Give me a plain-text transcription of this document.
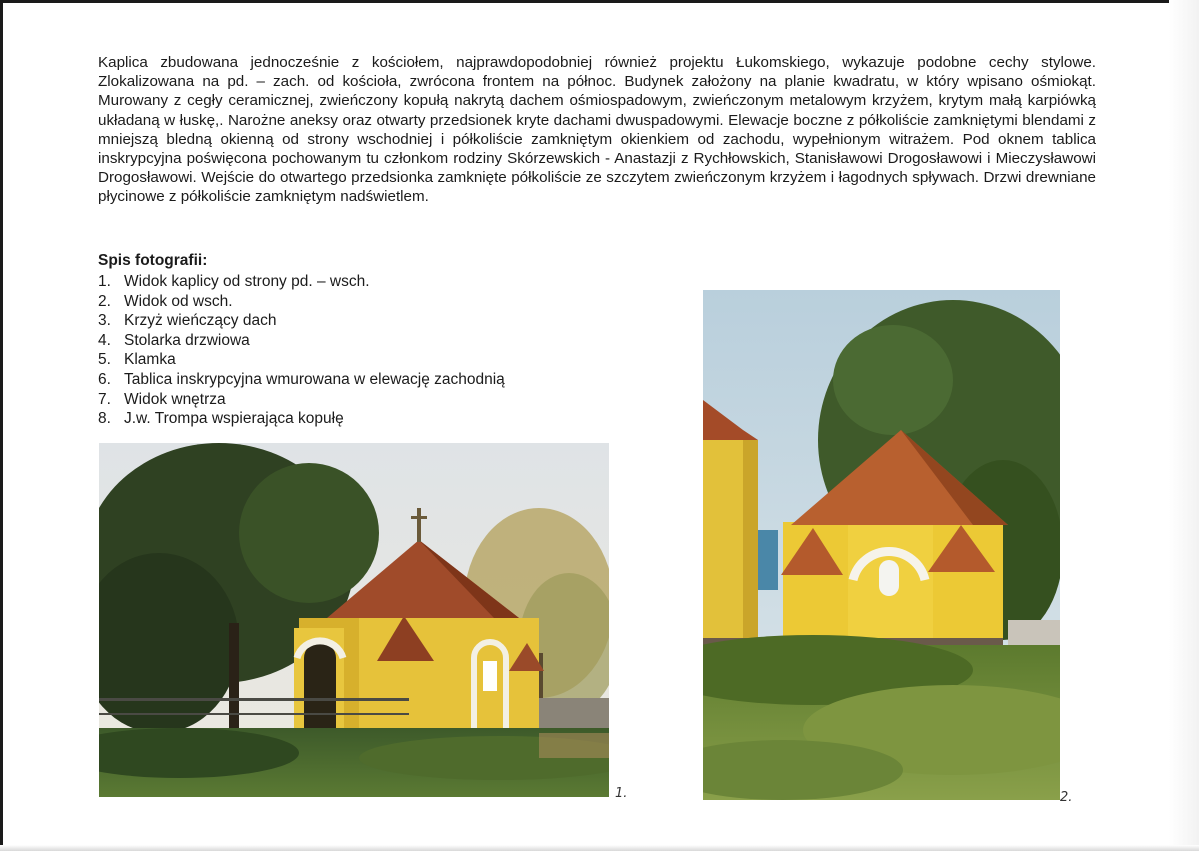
Kaplica zbudowana jednocześnie z kościołem, najprawdopodobniej również projektu Łukomskiego, wykazuje podobne cechy stylowe. Zlokalizowana na pd. – zach. od kościoła, zwrócona frontem na północ. Budynek założony na planie kwadratu, w który wpisano ośmiokąt. Murowany z cegły ceramicznej, zwieńczony kopułą nakrytą dachem ośmiospadowym, zwieńczonym metalowym krzyżem, krytym małą karpiówką układaną w łuskę,. Narożne aneksy oraz otwarty przedsionek kryte dachami dwuspadowymi. Elewacje boczne z półkoliście zamkniętymi blendami z mniejszą bledną okienną od strony wschodniej i półkoliście zamkniętym okienkiem od zachodu, wypełnionym witrażem. Pod oknem tablica inskrypcyjna poświęcona pochowanym tu członkom rodziny Skórzewskich - Anastazji z Rychłowskich, Stanisławowi Drogosławowi i Mieczysławowi Drogosławowi. Wejście do otwartego przedsionka zamknięte półkoliście ze szczytem zwieńczonym krzyżem i łagodnych spływach. Drzwi drewniane płycinowe z półkoliście zamkniętym nadświetlem.

Spis fotografii:

1. Widok kaplicy od strony pd. – wsch.
2. Widok od wsch.
3. Krzyż wieńczący dach
4. Stolarka drzwiowa
5. Klamka
6. Tablica inskrypcyjna wmurowana w elewację zachodnią
7. Widok wnętrza
8. J.w. Trompa wspierająca kopułę
1.	2.
